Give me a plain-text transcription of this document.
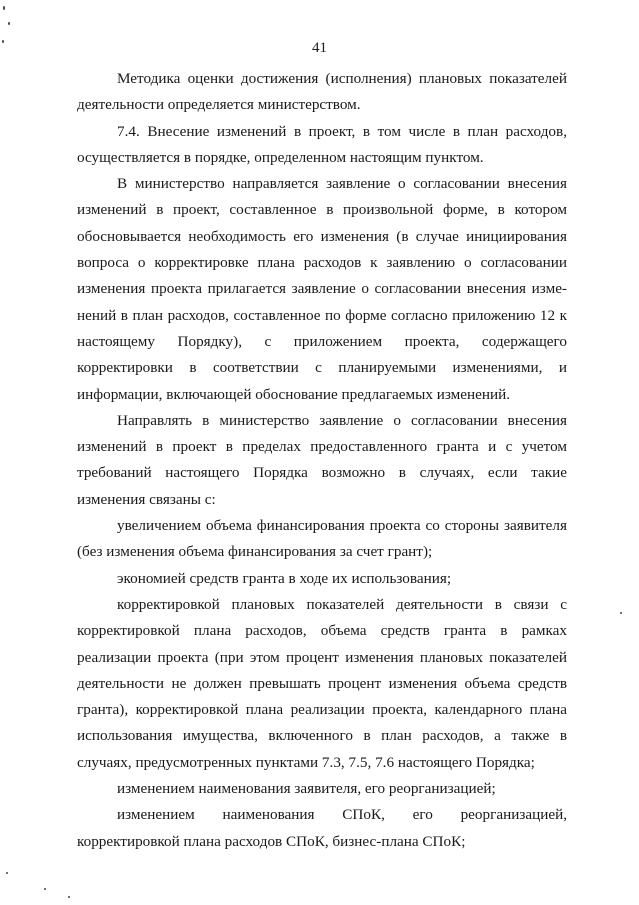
41
Методика оценки достижения (исполнения) плановых показателей
деятельности определяется министерством.
7.4. Внесение изменений в проект, в том числе в план расходов,
осуществляется в порядке, определенном настоящим пунктом.
В министерство направляется заявление о согласовании внесения
изменений в проект, составленное в произвольной форме, в котором
обосновывается необходимость его изменения (в случае инициирования
вопроса о корректировке плана расходов к заявлению о согласовании
изменения проекта прилагается заявление о согласовании внесения изме-
нений в план расходов, составленное по форме согласно приложению 12 к
настоящему Порядку), с приложением проекта, содержащего
корректировки в соответствии с планируемыми изменениями, и
информации, включающей обоснование предлагаемых изменений.
Направлять в министерство заявление о согласовании внесения
изменений в проект в пределах предоставленного гранта и с учетом
требований настоящего Порядка возможно в случаях, если такие
изменения связаны с:
увеличением объема финансирования проекта со стороны заявителя
(без изменения объема финансирования за счет грант);
экономией средств гранта в ходе их использования;
корректировкой плановых показателей деятельности в связи с
корректировкой плана расходов, объема средств гранта в рамках
реализации проекта (при этом процент изменения плановых показателей
деятельности не должен превышать процент изменения объема средств
гранта), корректировкой плана реализации проекта, календарного плана
использования имущества, включенного в план расходов, а также в
случаях, предусмотренных пунктами 7.3, 7.5, 7.6 настоящего Порядка;
изменением наименования заявителя, его реорганизацией;
изменением наименования СПоК, его реорганизацией,
корректировкой плана расходов СПоК, бизнес-плана СПоК;
